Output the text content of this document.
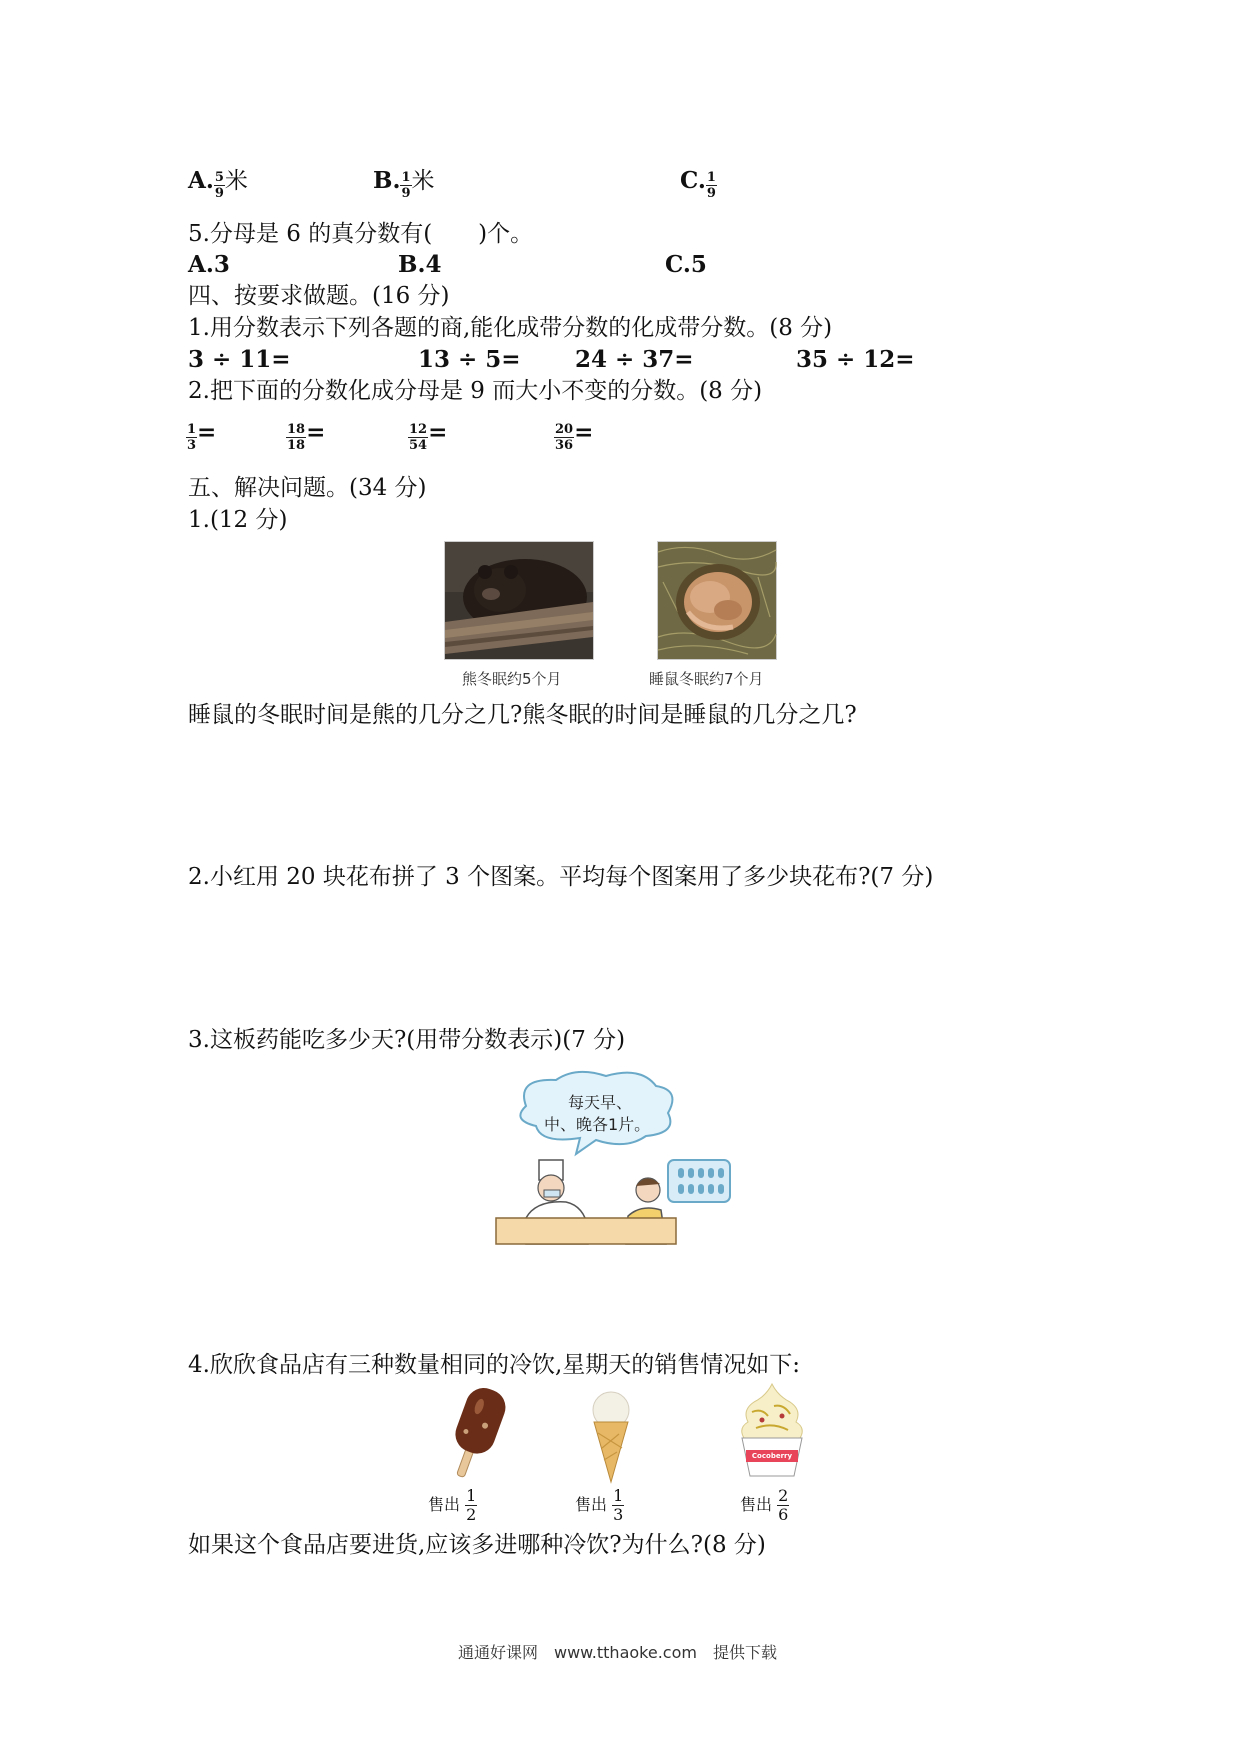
A. $\frac{5}{9}$ 米	B. $\frac{1}{9}$ 米	C. $\frac{1}{9}$
5.分母是 6 的真分数有(　　)个。
A.3	B.4	C.5
四、按要求做题。(16 分)
1.用分数表示下列各题的商,能化成带分数的化成带分数。(8 分)
3 ÷ 11=	13 ÷ 5= 24 ÷ 37=	35 ÷ 12=
2.把下面的分数化成分母是 9 而大小不变的分数。(8 分)
$\frac{1}{3}$ =	$\frac{18}{18}$ =	$\frac{12}{54}$ =	$\frac{20}{36}$ =
五、解决问题。(34 分)
1.(12 分)
熊冬眠约5个月	睡鼠冬眠约7个月
睡鼠的冬眠时间是熊的几分之几?熊冬眠的时间是睡鼠的几分之几?
2.小红用 20 块花布拼了 3 个图案。平均每个图案用了多少块花布?(7 分)
3.这板药能吃多少天?(用带分数表示)(7 分)
每天早、
中、晚各1片。
4.欣欣食品店有三种数量相同的冷饮,星期天的销售情况如下:
Cocoberry
售出 $\frac{1}{2}$	售出 $\frac{1}{3}$	售出 $\frac{2}{6}$
如果这个食品店要进货,应该多进哪种冷饮?为什么?(8 分)
通通好课网　www.tthaoke.com　提供下载
